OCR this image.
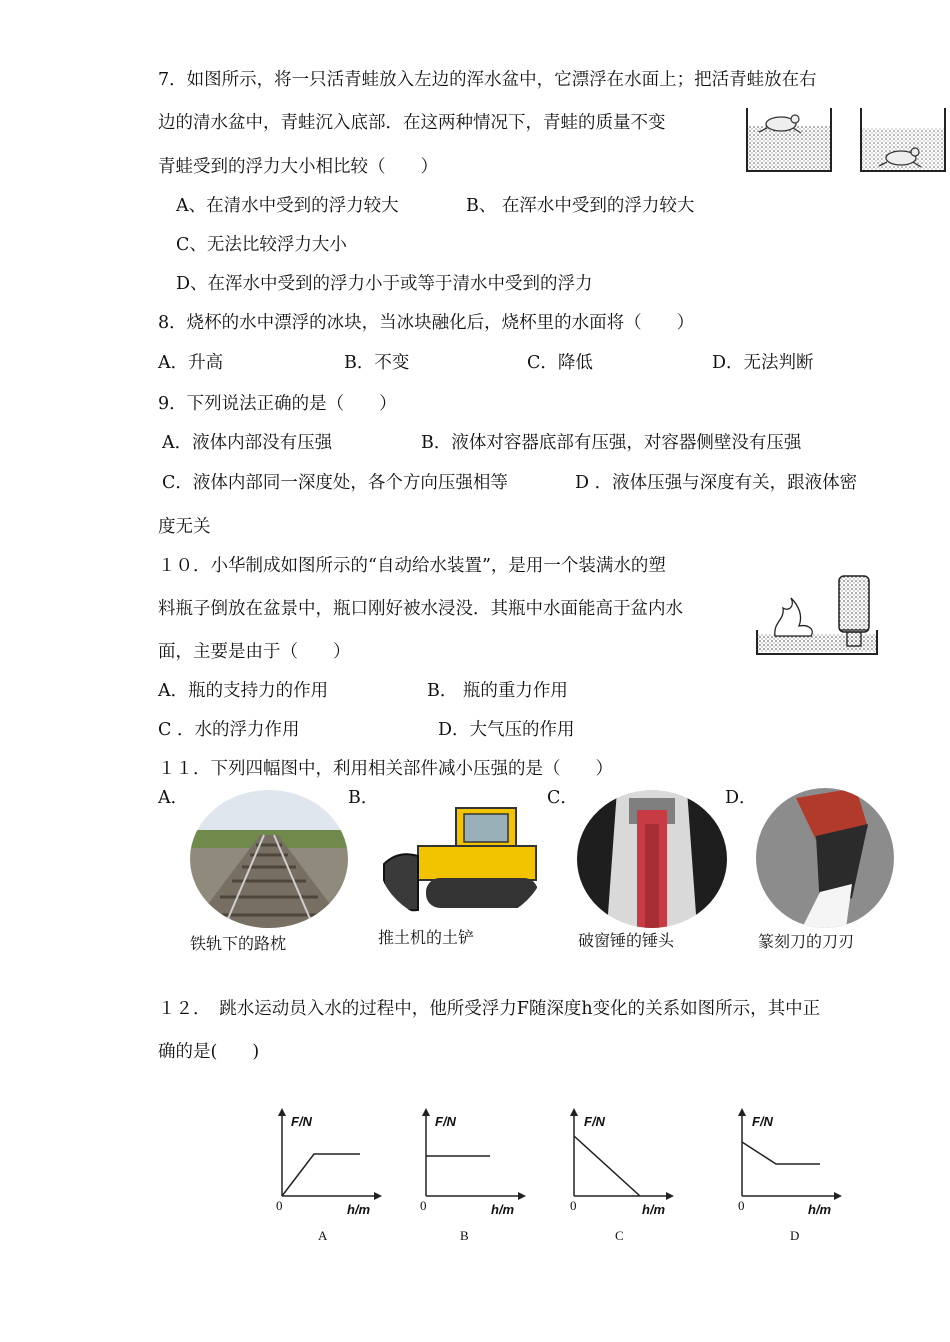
7．如图所示，将一只活青蛙放入左边的浑水盆中，它漂浮在水面上；把活青蛙放在右
边的清水盆中，青蛙沉入底部．在这两种情况下，青蛙的质量不变
青蛙受到的浮力大小相比较（　　）
A、在清水中受到的浮力较大	B、 在浑水中受到的浮力较大
C、无法比较浮力大小
D、在浑水中受到的浮力小于或等于清水中受到的浮力
8．烧杯的水中漂浮的冰块，当冰块融化后，烧杯里的水面将（　　）
A．升高	B．不变	C．降低	D．无法判断
9．下列说法正确的是（　　）
A．液体内部没有压强	B．液体对容器底部有压强，对容器侧壁没有压强
C．液体内部同一深度处，各个方向压强相等	D ．液体压强与深度有关，跟液体密
度无关
１０．小华制成如图所示的“自动给水装置”，是用一个装满水的塑
料瓶子倒放在盆景中，瓶口刚好被水浸没．其瓶中水面能高于盆内水
面，主要是由于（　　）
A．瓶的支持力的作用	B． 瓶的重力作用
C ．水的浮力作用	D．大气压的作用
１１．下列四幅图中，利用相关部件减小压强的是（　　）
A．	B．	C．	D．
铁轨下的路枕	推土机的土铲	破窗锤的锤头	篆刻刀的刀刃
１２．　跳水运动员入水的过程中，他所受浮力F随深度h变化的关系如图所示，其中正
确的是(　　)
F/N
0	h/m
A
F/N
0	h/m
B
F/N
0	h/m
C
F/N
0	h/m
D
